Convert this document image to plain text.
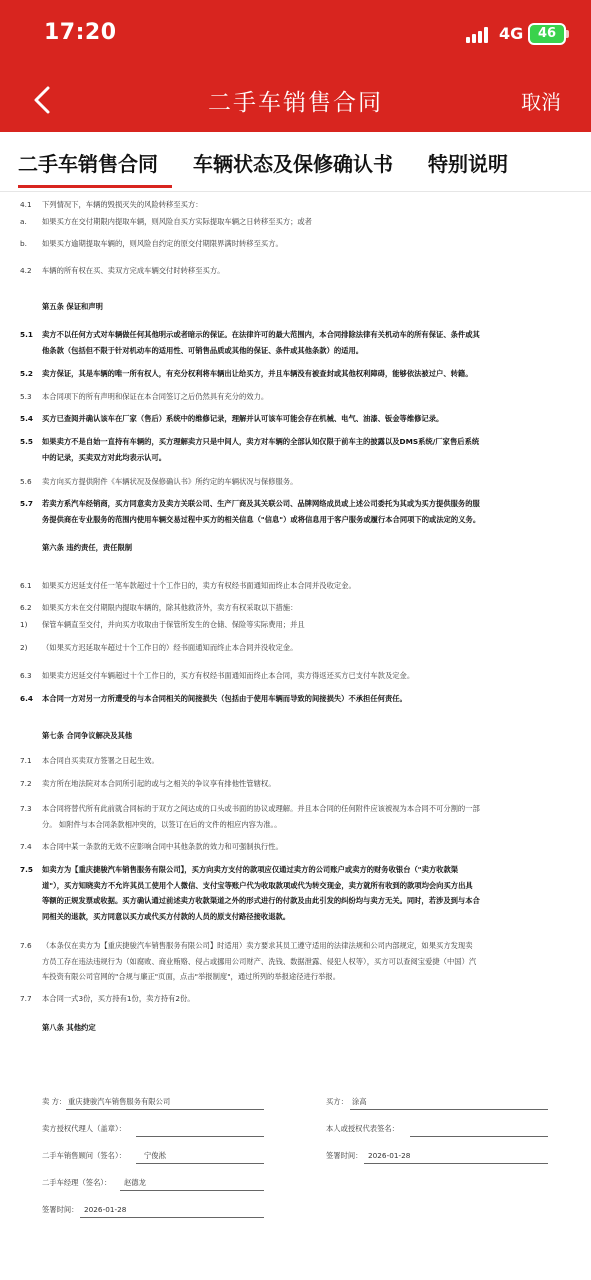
17:20	4G	46
二手车销售合同	取消
二手车销售合同 车辆状态及保修确认书 特别说明
4.1 下列情况下，车辆的毁损灭失的风险转移至买方：
a. 如果买方在交付期限内提取车辆，则风险自买方实际提取车辆之日转移至买方；或者
b. 如果买方逾期提取车辆的，则风险自约定的原交付期限界满时转移至买方。
4.2 车辆的所有权在买、卖双方完成车辆交付时转移至买方。
第五条 保证和声明
5.1 卖方不以任何方式对车辆做任何其他明示或者暗示的保证。在法律许可的最大范围内，本合同排除法律有关机动车的所有保证、条件或其
他条款（包括但不限于针对机动车的适用性、可销售品质或其他的保证、条件或其他条款）的适用。
5.2 卖方保证，其是车辆的唯一所有权人，有充分权利将车辆出让给买方，并且车辆没有被查封或其他权利障碍，能够依法被过户、转籍。
5.3 本合同项下的所有声明和保证在本合同签订之后仍然具有充分的效力。
5.4 买方已查阅并确认该车在厂家（售后）系统中的维修记录，理解并认可该车可能会存在机械、电气、油漆、钣金等维修记录。
5.5 如果卖方不是自始一直持有车辆的，买方理解卖方只是中间人，卖方对车辆的全部认知仅限于前车主的披露以及DMS系统/厂家售后系统
中的记录，买卖双方对此均表示认可。
5.6 卖方向买方提供附件《车辆状况及保修确认书》所约定的车辆状况与保修服务。
5.7 若卖方系汽车经销商，买方同意卖方及卖方关联公司、生产厂商及其关联公司、品牌网络成员或上述公司委托为其或为买方提供服务的服
务提供商在专业服务的范围内使用车辆交易过程中买方的相关信息（"信息"）或将信息用于客户服务或履行本合同项下的或法定的义务。
第六条 违约责任，责任限制
6.1 如果买方迟延支付任一笔车款超过十个工作日的，卖方有权经书面通知而终止本合同并没收定金。
6.2 如果买方未在交付期限内提取车辆的，除其他救济外，卖方有权采取以下措施：
1) 保管车辆直至交付，并向买方收取由于保管所发生的仓储、保险等实际费用；并且
2) （如果买方迟延取车超过十个工作日的）经书面通知而终止本合同并没收定金。
6.3 如果卖方迟延交付车辆超过十个工作日的，买方有权经书面通知而终止本合同，卖方得返还买方已支付车款及定金。
6.4 本合同一方对另一方所遭受的与本合同相关的间接损失（包括由于使用车辆而导致的间接损失）不承担任何责任。
第七条 合同争议解决及其他
7.1 本合同自买卖双方签署之日起生效。
7.2 卖方所在地法院对本合同所引起的或与之相关的争议享有排他性管辖权。
7.3 本合同将替代所有此前就合同标的于双方之间达成的口头或书面的协议或理解。并且本合同的任何附件应该被视为本合同不可分割的一部
分。 如附件与本合同条款相冲突的，以签订在后的文件的相应内容为准。。
7.4 本合同中某一条款的无效不应影响合同中其他条款的效力和可强制执行性。
7.5 如卖方为【重庆捷骏汽车销售服务有限公司】，买方向卖方支付的款项应仅通过卖方的公司账户或卖方的财务收银台（"卖方收款渠
道"），买方知晓卖方不允许其员工使用个人微信、支付宝等账户代为收取款项或代为转交现金，卖方就所有收到的款项均会向买方出具
等额的正规发票或收据。买方确认通过前述卖方收款渠道之外的形式进行的付款及由此引发的纠纷均与卖方无关。同时，若涉及到与本合
同相关的退款，买方同意以买方或代买方付款的人员的原支付路径接收退款。
7.6 （本条仅在卖方为【重庆捷骏汽车销售服务有限公司】时适用）卖方要求其员工遵守适用的法律法规和公司内部规定，如果买方发现卖
方员工存在违法违规行为（如腐败、商业贿赂、侵占或挪用公司财产、洗钱、数据泄露、侵犯人权等），买方可以查阅宝爱捷（中国）汽
车投资有限公司官网的"合规与廉正"页面，点击"举报制度"，通过所列的举报途径进行举报。
7.7 本合同一式3份，买方持有1份，卖方持有2份。
第八条 其他约定
卖 方： 重庆捷骏汽车销售服务有限公司	买方： 涂高
卖方授权代理人（盖章）：	本人或授权代表签名：
二手车销售顾问（签名）： 宁俊淞	签署时间： 2026-01-28
二手车经理（签名）： 赵德龙
签署时间： 2026-01-28
